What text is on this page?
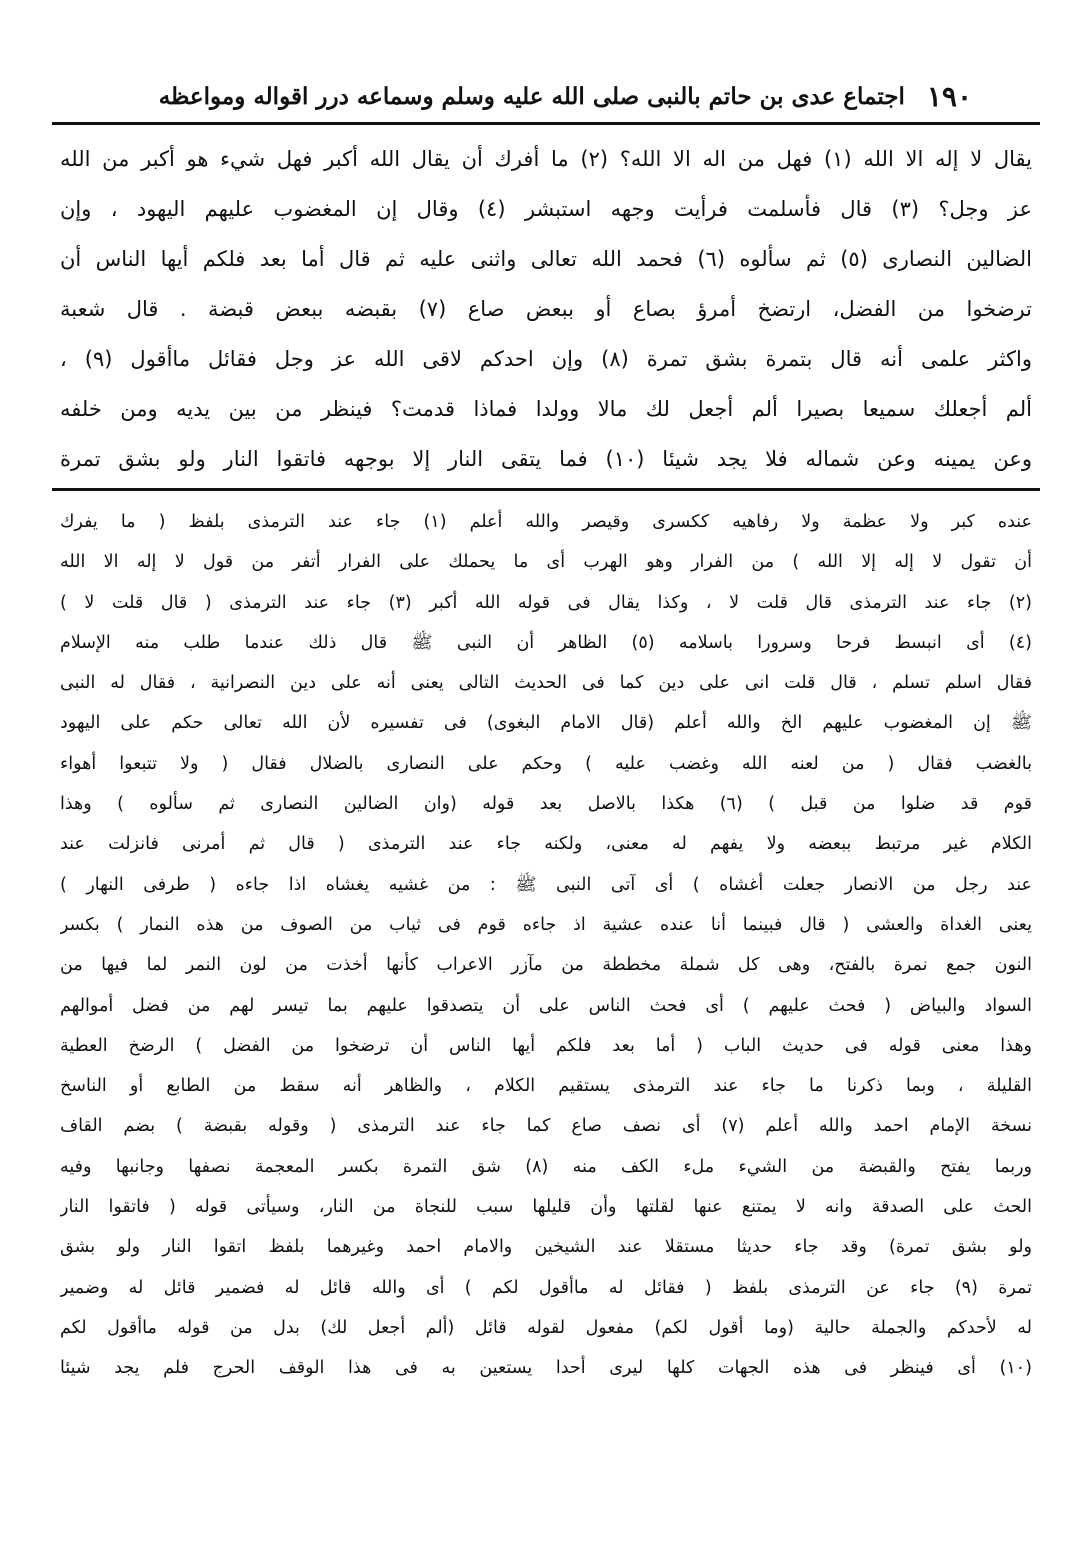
١٩٠
اجتماع عدى بن حاتم بالنبى صلى الله عليه وسلم وسماعه درر اقواله ومواعظه
يقال لا إله الا الله (١) فهل من اله الا الله؟ (٢) ما أفرك أن يقال الله أكبر فهل شيء هو أكبر من الله
عز وجل؟ (٣) قال فأسلمت فرأيت وجهه استبشر (٤) وقال إن المغضوب عليهم اليهود ، وإن
الضالين النصارى (٥) ثم سألوه (٦) فحمد الله تعالى واثنى عليه ثم قال أما بعد فلكم أيها الناس أن
ترضخوا من الفضل، ارتضخ أمرؤ بصاع أو ببعض صاع (٧) بقبضه ببعض قبضة . قال شعبة
واكثر علمى أنه قال بتمرة بشق تمرة (٨) وإن احدكم لاقى الله عز وجل فقائل ماأقول (٩) ،
ألم أجعلك سميعا بصيرا ألم أجعل لك مالا وولدا فماذا قدمت؟ فينظر من بين يديه ومن خلفه
وعن يمينه وعن شماله فلا يجد شيئا (١٠) فما يتقى النار إلا بوجهه فاتقوا النار ولو بشق تمرة
عنده كبر ولا عظمة ولا رفاهيه ككسرى وقيصر والله أعلم (١) جاء عند الترمذى بلفظ ( ما يفرك
أن تقول لا إله إلا الله ) من الفرار وهو الهرب أى ما يحملك على الفرار أتفر من قول لا إله الا الله
(٢) جاء عند الترمذى قال قلت لا ، وكذا يقال فى قوله الله أكبر (٣) جاء عند الترمذى ( قال قلت لا )
(٤) أى انبسط فرحا وسرورا باسلامه (٥) الظاهر أن النبى ﷺ قال ذلك عندما طلب منه الإسلام
فقال اسلم تسلم ، قال قلت انى على دين كما فى الحديث التالى يعنى أنه على دين النصرانية ، فقال له النبى
ﷺ إن المغضوب عليهم الخ والله أعلم (قال الامام البغوى) فى تفسيره لأن الله تعالى حكم على اليهود
بالغضب فقال ( من لعنه الله وغضب عليه ) وحكم على النصارى بالضلال فقال ( ولا تتبعوا أهواء
قوم قد ضلوا من قبل ) (٦) هكذا بالاصل بعد قوله (وان الضالين النصارى ثم سألوه ) وهذا
الكلام غير مرتبط ببعضه ولا يفهم له معنى، ولكنه جاء عند الترمذى ( قال ثم أمرنى فانزلت عند
عند رجل من الانصار جعلت أغشاه ) أى آتى النبى ﷺ : من غشيه يغشاه اذا جاءه ( طرفى النهار )
يعنى الغداة والعشى ( قال فبينما أنا عنده عشية اذ جاءه قوم فى ثياب من الصوف من هذه النمار ) بكسر
النون جمع نمرة بالفتح، وهى كل شملة مخططة من مآزر الاعراب كأنها أخذت من لون النمر لما فيها من
السواد والبياض ( فحث عليهم ) أى فحث الناس على أن يتصدقوا عليهم بما تيسر لهم من فضل أموالهم
وهذا معنى قوله فى حديث الباب ( أما بعد فلكم أيها الناس أن ترضخوا من الفضل ) الرضخ العطية
القليلة ، وبما ذكرنا ما جاء عند الترمذى يستقيم الكلام ، والظاهر أنه سقط من الطابع أو الناسخ
نسخة الإمام احمد والله أعلم (٧) أى نصف صاع كما جاء عند الترمذى ( وقوله بقبضة ) بضم القاف
وربما يفتح والقبضة من الشيء ملء الكف منه (٨) شق التمرة بكسر المعجمة نصفها وجانبها وفيه
الحث على الصدقة وانه لا يمتنع عنها لقلتها وأن قليلها سبب للنجاة من النار، وسيأتى قوله ( فاتقوا النار
ولو بشق تمرة) وقد جاء حديثا مستقلا عند الشيخين والامام احمد وغيرهما بلفظ اتقوا النار ولو بشق
تمرة (٩) جاء عن الترمذى بلفظ ( فقائل له ماأقول لكم ) أى والله قائل له فضمير قائل له وضمير
له لأحدكم والجملة حالية (وما أقول لكم) مفعول لقوله قائل (ألم أجعل لك) بدل من قوله ماأقول لكم
(١٠) أى فينظر فى هذه الجهات كلها ليرى أحدا يستعين به فى هذا الوقف الحرج فلم يجد شيئا
